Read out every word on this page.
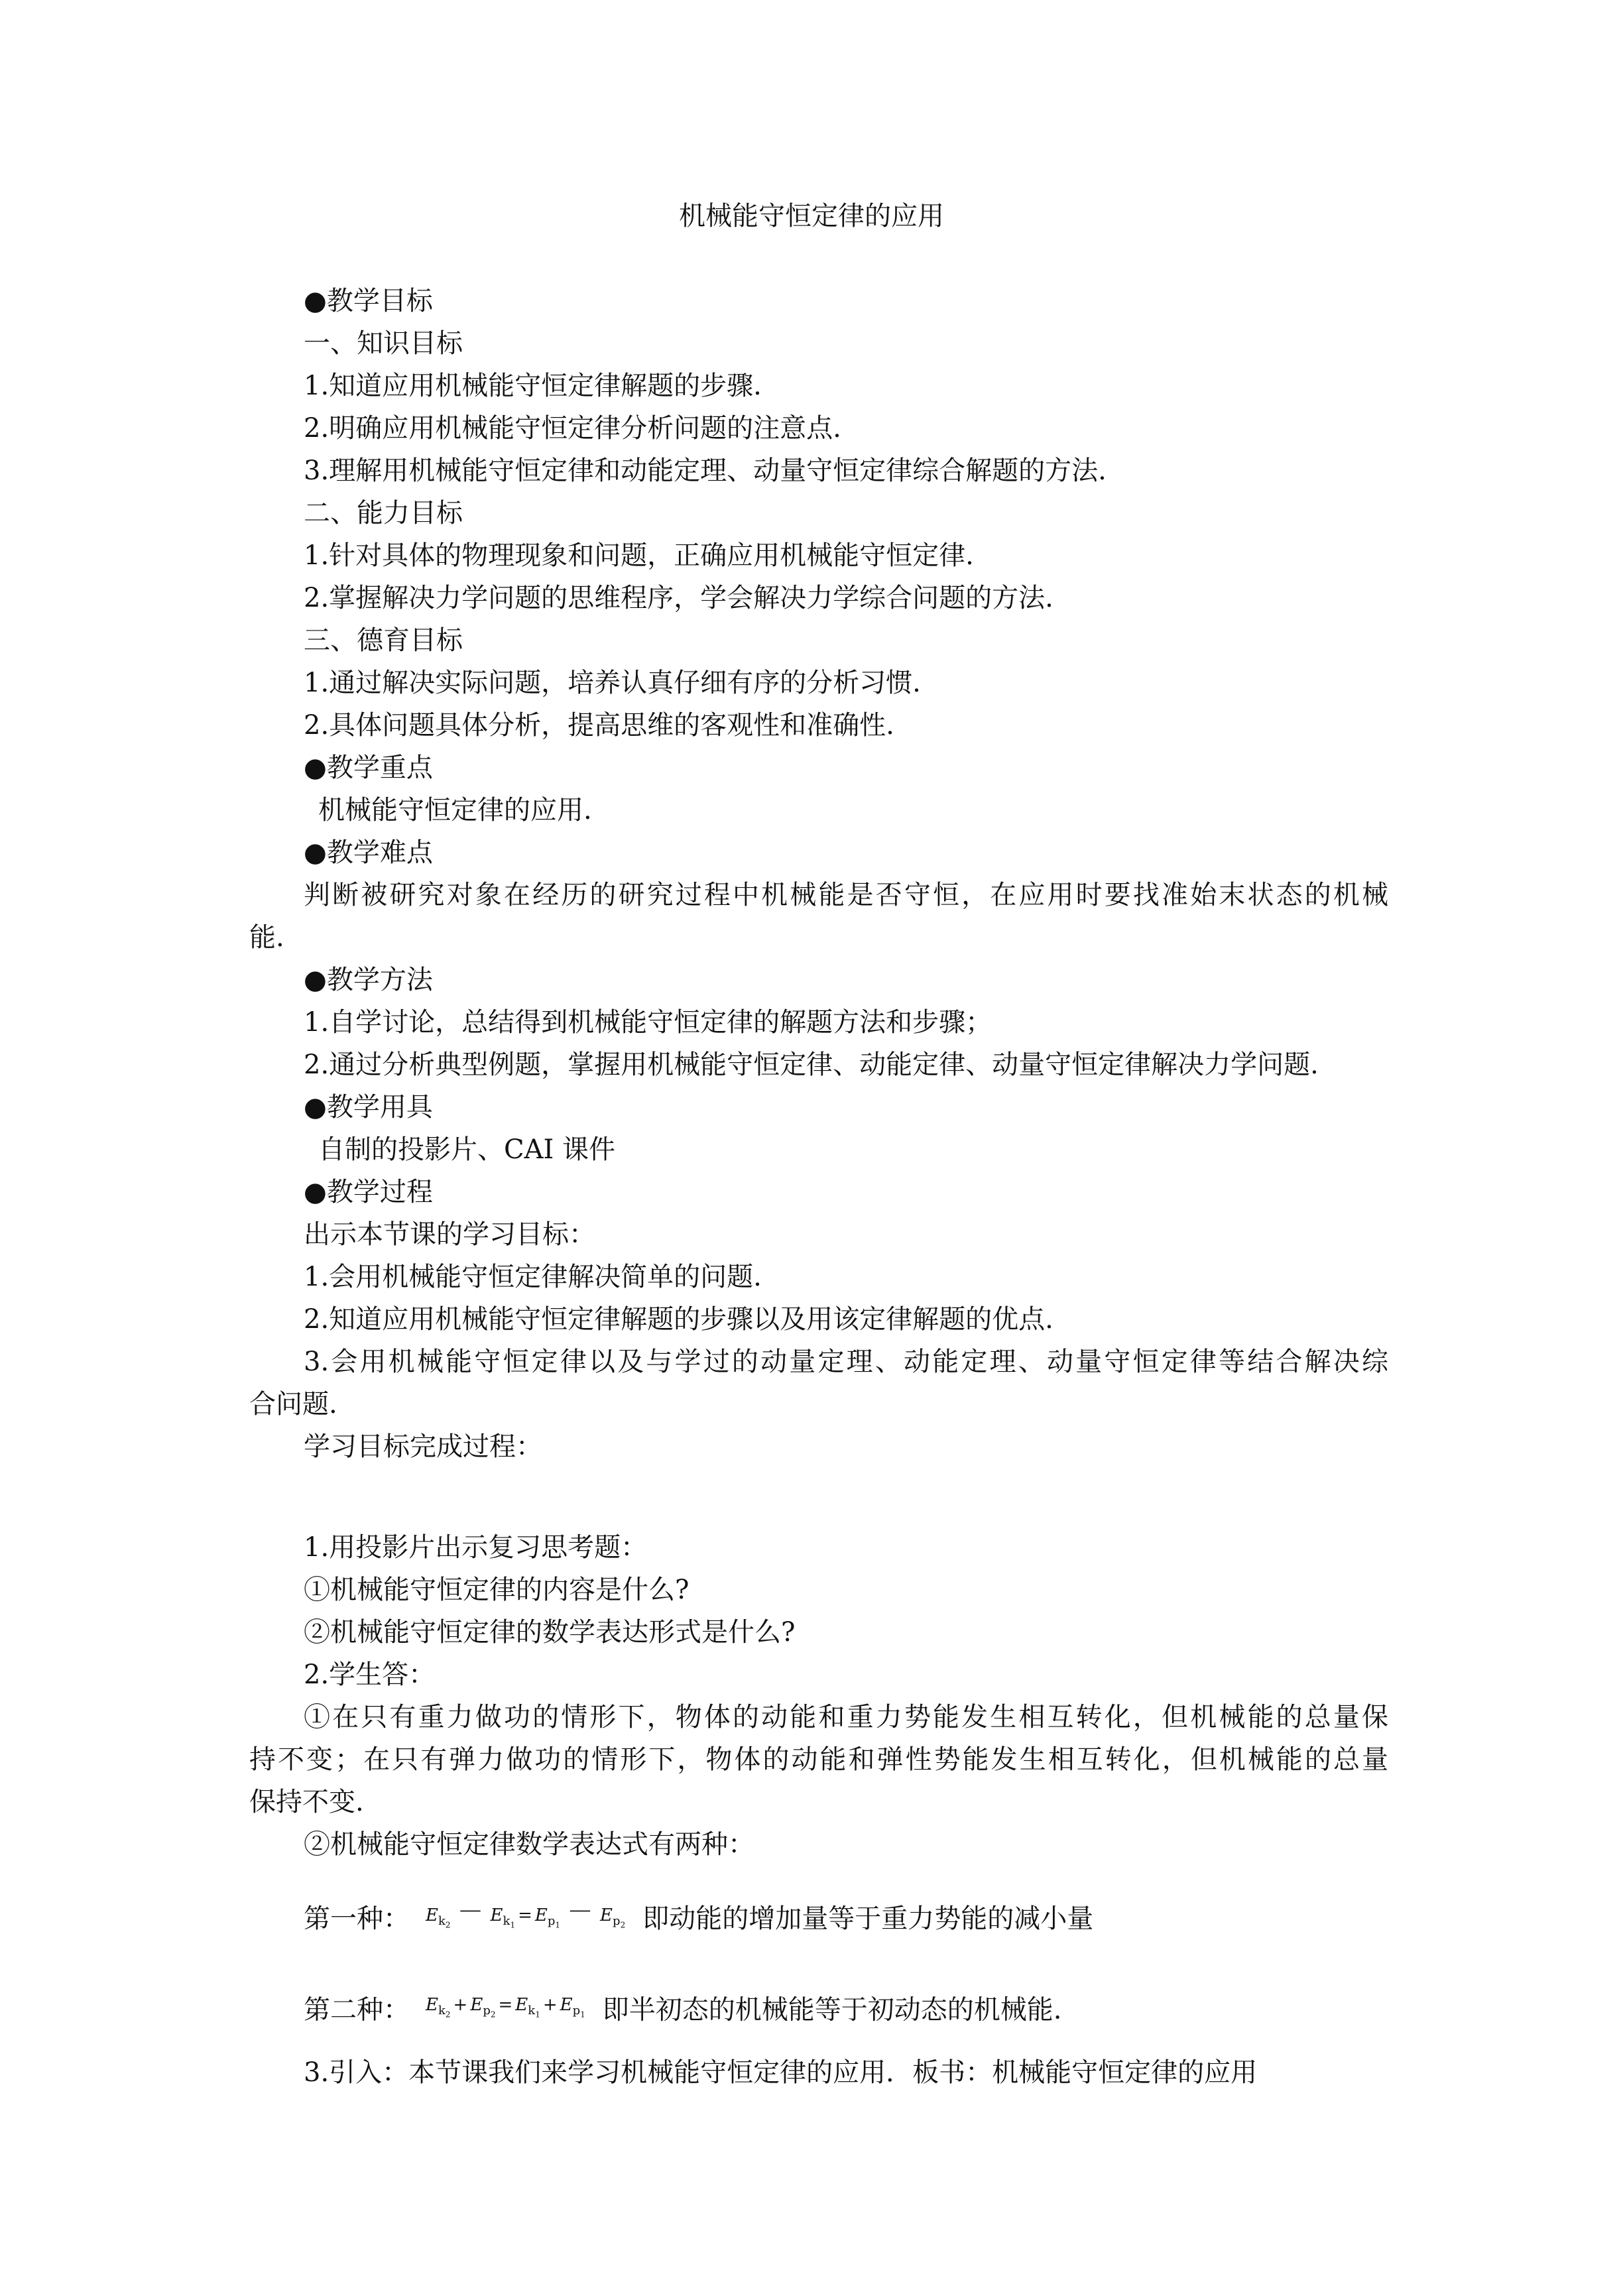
机械能守恒定律的应用
●教学目标
一、知识目标
1.知道应用机械能守恒定律解题的步骤.
2.明确应用机械能守恒定律分析问题的注意点.
3.理解用机械能守恒定律和动能定理、动量守恒定律综合解题的方法.
二、能力目标
1.针对具体的物理现象和问题，正确应用机械能守恒定律.
2.掌握解决力学问题的思维程序，学会解决力学综合问题的方法.
三、德育目标
1.通过解决实际问题，培养认真仔细有序的分析习惯.
2.具体问题具体分析，提高思维的客观性和准确性.
●教学重点
机械能守恒定律的应用.
●教学难点
判断被研究对象在经历的研究过程中机械能是否守恒，在应用时要找准始末状态的机械
能.
●教学方法
1.自学讨论，总结得到机械能守恒定律的解题方法和步骤；
2.通过分析典型例题，掌握用机械能守恒定律、动能定律、动量守恒定律解决力学问题.
●教学用具
自制的投影片、CAI 课件
●教学过程
出示本节课的学习目标：
1.会用机械能守恒定律解决简单的问题.
2.知道应用机械能守恒定律解题的步骤以及用该定律解题的优点.
3.会用机械能守恒定律以及与学过的动量定理、动能定理、动量守恒定律等结合解决综
合问题.
学习目标完成过程：
1.用投影片出示复习思考题：
①机械能守恒定律的内容是什么?
②机械能守恒定律的数学表达形式是什么?
2.学生答：
①在只有重力做功的情形下，物体的动能和重力势能发生相互转化，但机械能的总量保
持不变；在只有弹力做功的情形下，物体的动能和弹性势能发生相互转化，但机械能的总量
保持不变.
②机械能守恒定律数学表达式有两种：
第一种： $E_{k_2} - E_{k_1} = E_{p_1} - E_{p_2}$ 即动能的增加量等于重力势能的减小量
第二种： $E_{k_2} + E_{p_2} = E_{k_1} + E_{p_1}$ 即半初态的机械能等于初动态的机械能.
3.引入：本节课我们来学习机械能守恒定律的应用．板书：机械能守恒定律的应用
